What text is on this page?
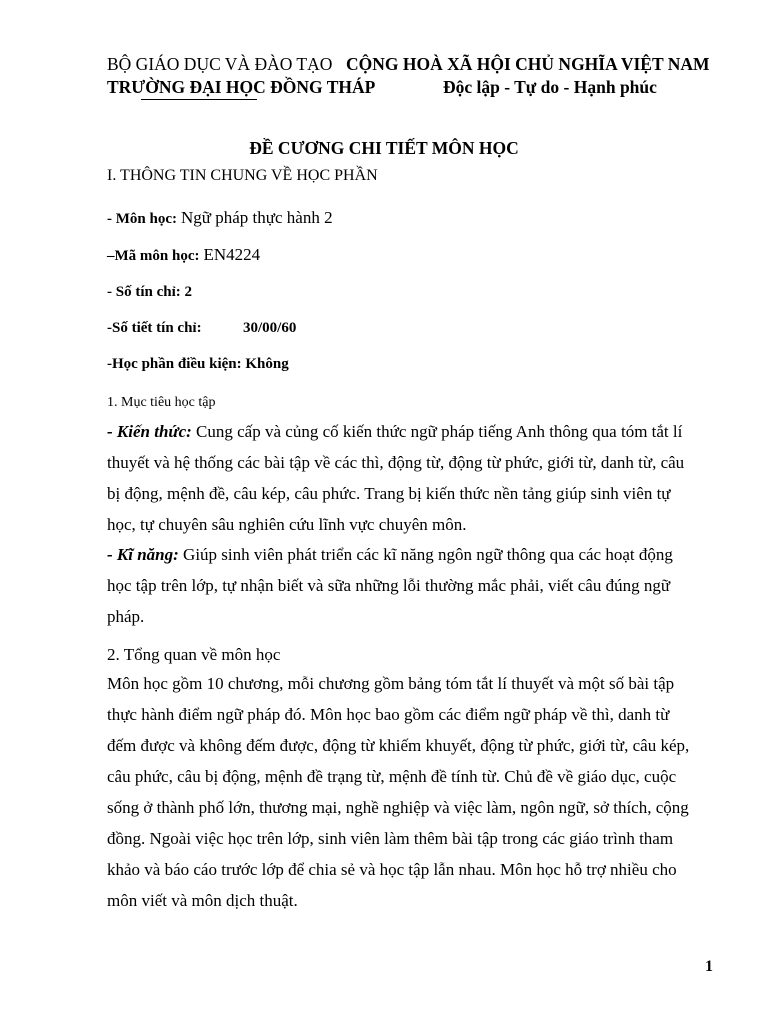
BỘ GIÁO DỤC VÀ ĐÀO TẠO CỘNG HOÀ XÃ HỘI CHỦ NGHĨA VIỆT NAM
TRƯỜNG ĐẠI HỌC ĐỒNG THÁP	Độc lập - Tự do - Hạnh phúc
ĐỀ CƯƠNG CHI TIẾT MÔN HỌC
I. THÔNG TIN CHUNG VỀ HỌC PHẦN
- Môn học: Ngữ pháp thực hành 2
–Mã môn học: EN4224
- Số tín chỉ: 2
-Số tiết tín chỉ:	30/00/60
-Học phần điều kiện: Không
1. Mục tiêu học tập
- Kiến thức: Cung cấp và củng cố kiến thức ngữ pháp tiếng Anh thông qua tóm tắt lí
thuyết và hệ thống các bài tập về các thì, động từ, động từ phức, giới từ, danh từ, câu
bị động, mệnh đề, câu kép, câu phức. Trang bị kiến thức nền tảng giúp sinh viên tự
học, tự chuyên sâu nghiên cứu lĩnh vực chuyên môn.
- Kĩ năng: Giúp sinh viên phát triển các kĩ năng ngôn ngữ thông qua các hoạt động
học tập trên lớp, tự nhận biết và sữa những lỗi thường mắc phải, viết câu đúng ngữ
pháp.
2. Tổng quan về môn học
Môn học gồm 10 chương, mỗi chương gồm bảng tóm tắt lí thuyết và một số bài tập
thực hành điểm ngữ pháp đó. Môn học bao gồm các điểm ngữ pháp về thì, danh từ
đếm được và không đếm được, động từ khiếm khuyết, động từ phức, giới từ, câu kép,
câu phức, câu bị động, mệnh đề trạng từ, mệnh đề tính từ. Chủ đề về giáo dục, cuộc
sống ở thành phố lớn, thương mại, nghề nghiệp và việc làm, ngôn ngữ, sở thích, cộng
đồng. Ngoài việc học trên lớp, sinh viên làm thêm bài tập trong các giáo trình tham
khảo và báo cáo trước lớp để chia sẻ và học tập lẫn nhau. Môn học hỗ trợ nhiều cho
môn viết và môn dịch thuật.
1
